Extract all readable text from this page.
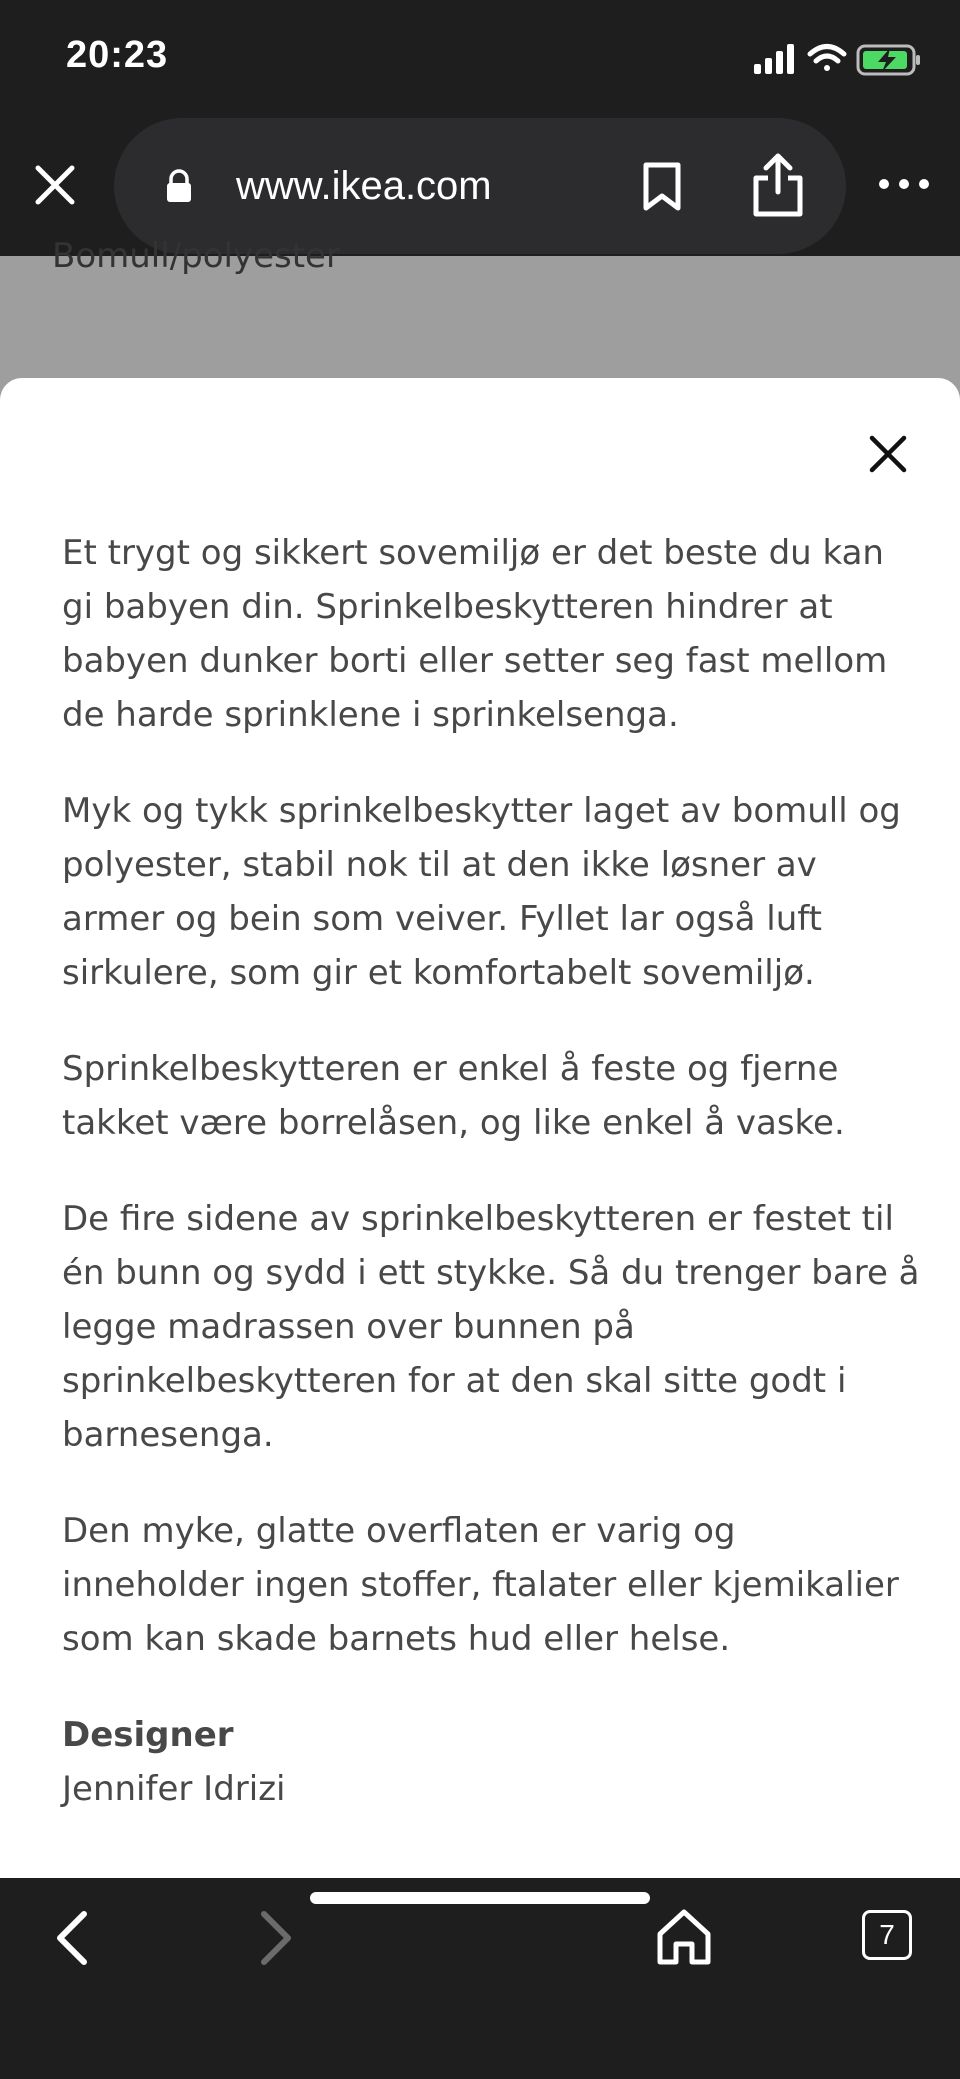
20:23
www.ikea.com
Bomull/polyester

Et trygt og sikkert sovemiljø er det beste du kan gi babyen din. Sprinkelbeskytteren hindrer at babyen dunker borti eller setter seg fast mellom de harde sprinklene i sprinkelsenga.

Myk og tykk sprinkelbeskytter laget av bomull og polyester, stabil nok til at den ikke løsner av armer og bein som veiver. Fyllet lar også luft sirkulere, som gir et komfortabelt sovemiljø.

Sprinkelbeskytteren er enkel å feste og fjerne takket være borrelåsen, og like enkel å vaske.

De fire sidene av sprinkelbeskytteren er festet til én bunn og sydd i ett stykke. Så du trenger bare å legge madrassen over bunnen på sprinkelbeskytteren for at den skal sitte godt i barnesenga.

Den myke, glatte overflaten er varig og inneholder ingen stoffer, ftalater eller kjemikalier som kan skade barnets hud eller helse.

Designer
Jennifer Idrizi
7
